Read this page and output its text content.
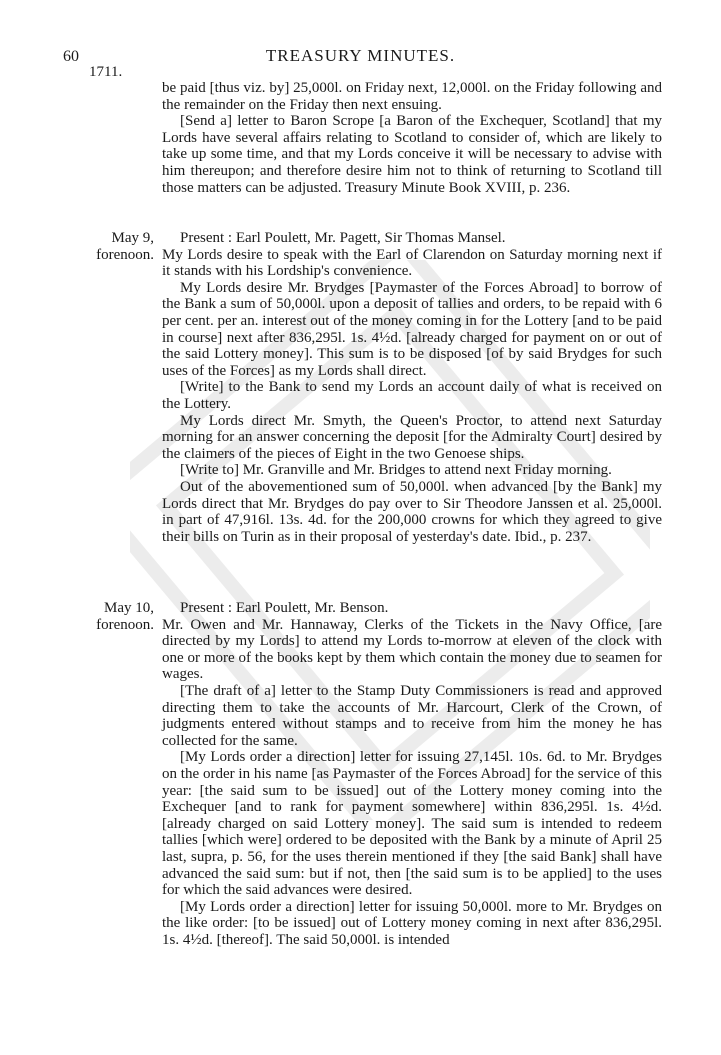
60	TREASURY MINUTES.
1711.

be paid [thus viz. by] 25,000l. on Friday next, 12,000l. on the Friday following and the remainder on the Friday then next ensuing.

[Send a] letter to Baron Scrope [a Baron of the Exchequer, Scotland] that my Lords have several affairs relating to Scotland to consider of, which are likely to take up some time, and that my Lords conceive it will be necessary to advise with him thereupon; and therefore desire him not to think of returning to Scotland till those matters can be adjusted. Treasury Minute Book XVIII, p. 236.

May 9,
forenoon.

Present : Earl Poulett, Mr. Pagett, Sir Thomas Mansel.

My Lords desire to speak with the Earl of Clarendon on Saturday morning next if it stands with his Lordship's convenience.

My Lords desire Mr. Brydges [Paymaster of the Forces Abroad] to borrow of the Bank a sum of 50,000l. upon a deposit of tallies and orders, to be repaid with 6 per cent. per an. interest out of the money coming in for the Lottery [and to be paid in course] next after 836,295l. 1s. 4½d. [already charged for payment on or out of the said Lottery money]. This sum is to be disposed [of by said Brydges for such uses of the Forces] as my Lords shall direct.

[Write] to the Bank to send my Lords an account daily of what is received on the Lottery.

My Lords direct Mr. Smyth, the Queen's Proctor, to attend next Saturday morning for an answer concerning the deposit [for the Admiralty Court] desired by the claimers of the pieces of Eight in the two Genoese ships.

[Write to] Mr. Granville and Mr. Bridges to attend next Friday morning.

Out of the abovementioned sum of 50,000l. when advanced [by the Bank] my Lords direct that Mr. Brydges do pay over to Sir Theodore Janssen et al. 25,000l. in part of 47,916l. 13s. 4d. for the 200,000 crowns for which they agreed to give their bills on Turin as in their proposal of yesterday's date. Ibid., p. 237.

May 10,
forenoon.

Present : Earl Poulett, Mr. Benson.

Mr. Owen and Mr. Hannaway, Clerks of the Tickets in the Navy Office, [are directed by my Lords] to attend my Lords to-morrow at eleven of the clock with one or more of the books kept by them which contain the money due to seamen for wages.

[The draft of a] letter to the Stamp Duty Commissioners is read and approved directing them to take the accounts of Mr. Harcourt, Clerk of the Crown, of judgments entered without stamps and to receive from him the money he has collected for the same.

[My Lords order a direction] letter for issuing 27,145l. 10s. 6d. to Mr. Brydges on the order in his name [as Paymaster of the Forces Abroad] for the service of this year: [the said sum to be issued] out of the Lottery money coming into the Exchequer [and to rank for payment somewhere] within 836,295l. 1s. 4½d. [already charged on said Lottery money]. The said sum is intended to redeem tallies [which were] ordered to be deposited with the Bank by a minute of April 25 last, supra, p. 56, for the uses therein mentioned if they [the said Bank] shall have advanced the said sum: but if not, then [the said sum is to be applied] to the uses for which the said advances were desired.

[My Lords order a direction] letter for issuing 50,000l. more to Mr. Brydges on the like order: [to be issued] out of Lottery money coming in next after 836,295l. 1s. 4½d. [thereof]. The said 50,000l. is intended
